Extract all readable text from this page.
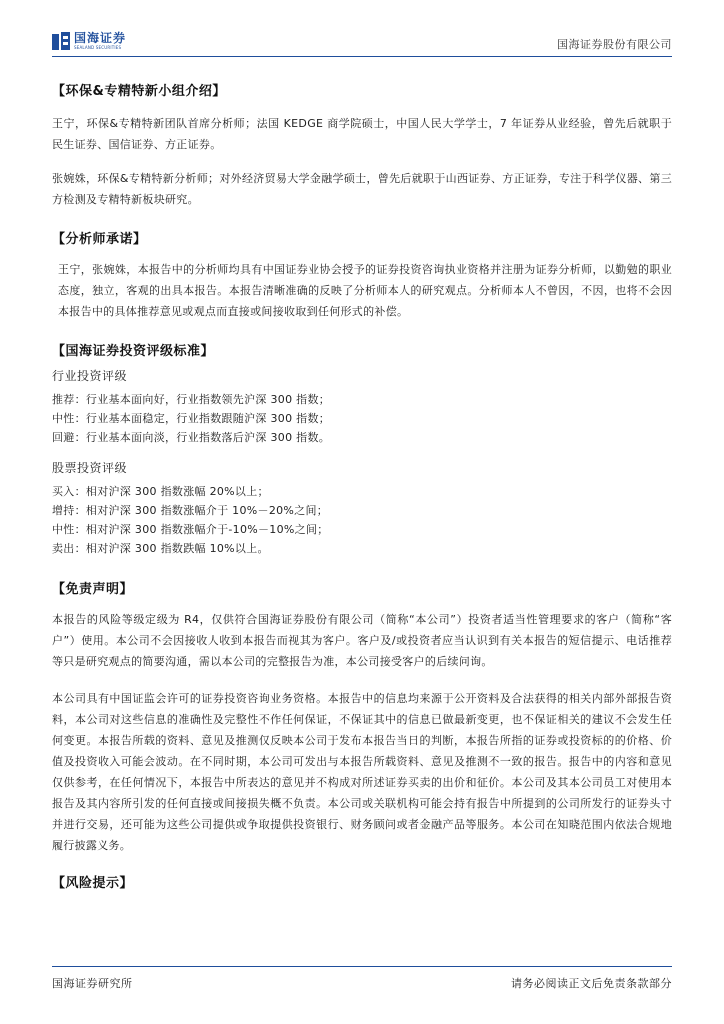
国海证券
SEALAND SECURITIES	国海证券股份有限公司
【环保&专精特新小组介绍】

王宁，环保&专精特新团队首席分析师；法国 KEDGE 商学院硕士，中国人民大学学士，7 年证券从业经验，曾先后就职于民生证券、国信证券、方正证券。

张婉姝，环保&专精特新分析师；对外经济贸易大学金融学硕士，曾先后就职于山西证券、方正证券，专注于科学仪器、第三方检测及专精特新板块研究。

【分析师承诺】

王宁，张婉姝，本报告中的分析师均具有中国证券业协会授予的证券投资咨询执业资格并注册为证券分析师，以勤勉的职业态度，独立，客观的出具本报告。本报告清晰准确的反映了分析师本人的研究观点。分析师本人不曾因，不因，也将不会因本报告中的具体推荐意见或观点而直接或间接收取到任何形式的补偿。

【国海证券投资评级标准】

行业投资评级

推荐：行业基本面向好，行业指数领先沪深 300 指数；

中性：行业基本面稳定，行业指数跟随沪深 300 指数；

回避：行业基本面向淡，行业指数落后沪深 300 指数。

股票投资评级

买入：相对沪深 300 指数涨幅 20%以上；

增持：相对沪深 300 指数涨幅介于 10%－20%之间；

中性：相对沪深 300 指数涨幅介于-10%－10%之间；

卖出：相对沪深 300 指数跌幅 10%以上。

【免责声明】

本报告的风险等级定级为 R4，仅供符合国海证券股份有限公司（简称“本公司”）投资者适当性管理要求的客户（简称“客户”）使用。本公司不会因接收人收到本报告而视其为客户。客户及/或投资者应当认识到有关本报告的短信提示、电话推荐等只是研究观点的简要沟通，需以本公司的完整报告为准，本公司接受客户的后续问询。

本公司具有中国证监会许可的证券投资咨询业务资格。本报告中的信息均来源于公开资料及合法获得的相关内部外部报告资料，本公司对这些信息的准确性及完整性不作任何保证，不保证其中的信息已做最新变更，也不保证相关的建议不会发生任何变更。本报告所载的资料、意见及推测仅反映本公司于发布本报告当日的判断，本报告所指的证券或投资标的的价格、价值及投资收入可能会波动。在不同时期，本公司可发出与本报告所载资料、意见及推测不一致的报告。报告中的内容和意见仅供参考，在任何情况下，本报告中所表达的意见并不构成对所述证券买卖的出价和征价。本公司及其本公司员工对使用本报告及其内容所引发的任何直接或间接损失概不负责。本公司或关联机构可能会持有报告中所提到的公司所发行的证券头寸并进行交易，还可能为这些公司提供或争取提供投资银行、财务顾问或者金融产品等服务。本公司在知晓范围内依法合规地履行披露义务。

【风险提示】
国海证券研究所	请务必阅读正文后免责条款部分
